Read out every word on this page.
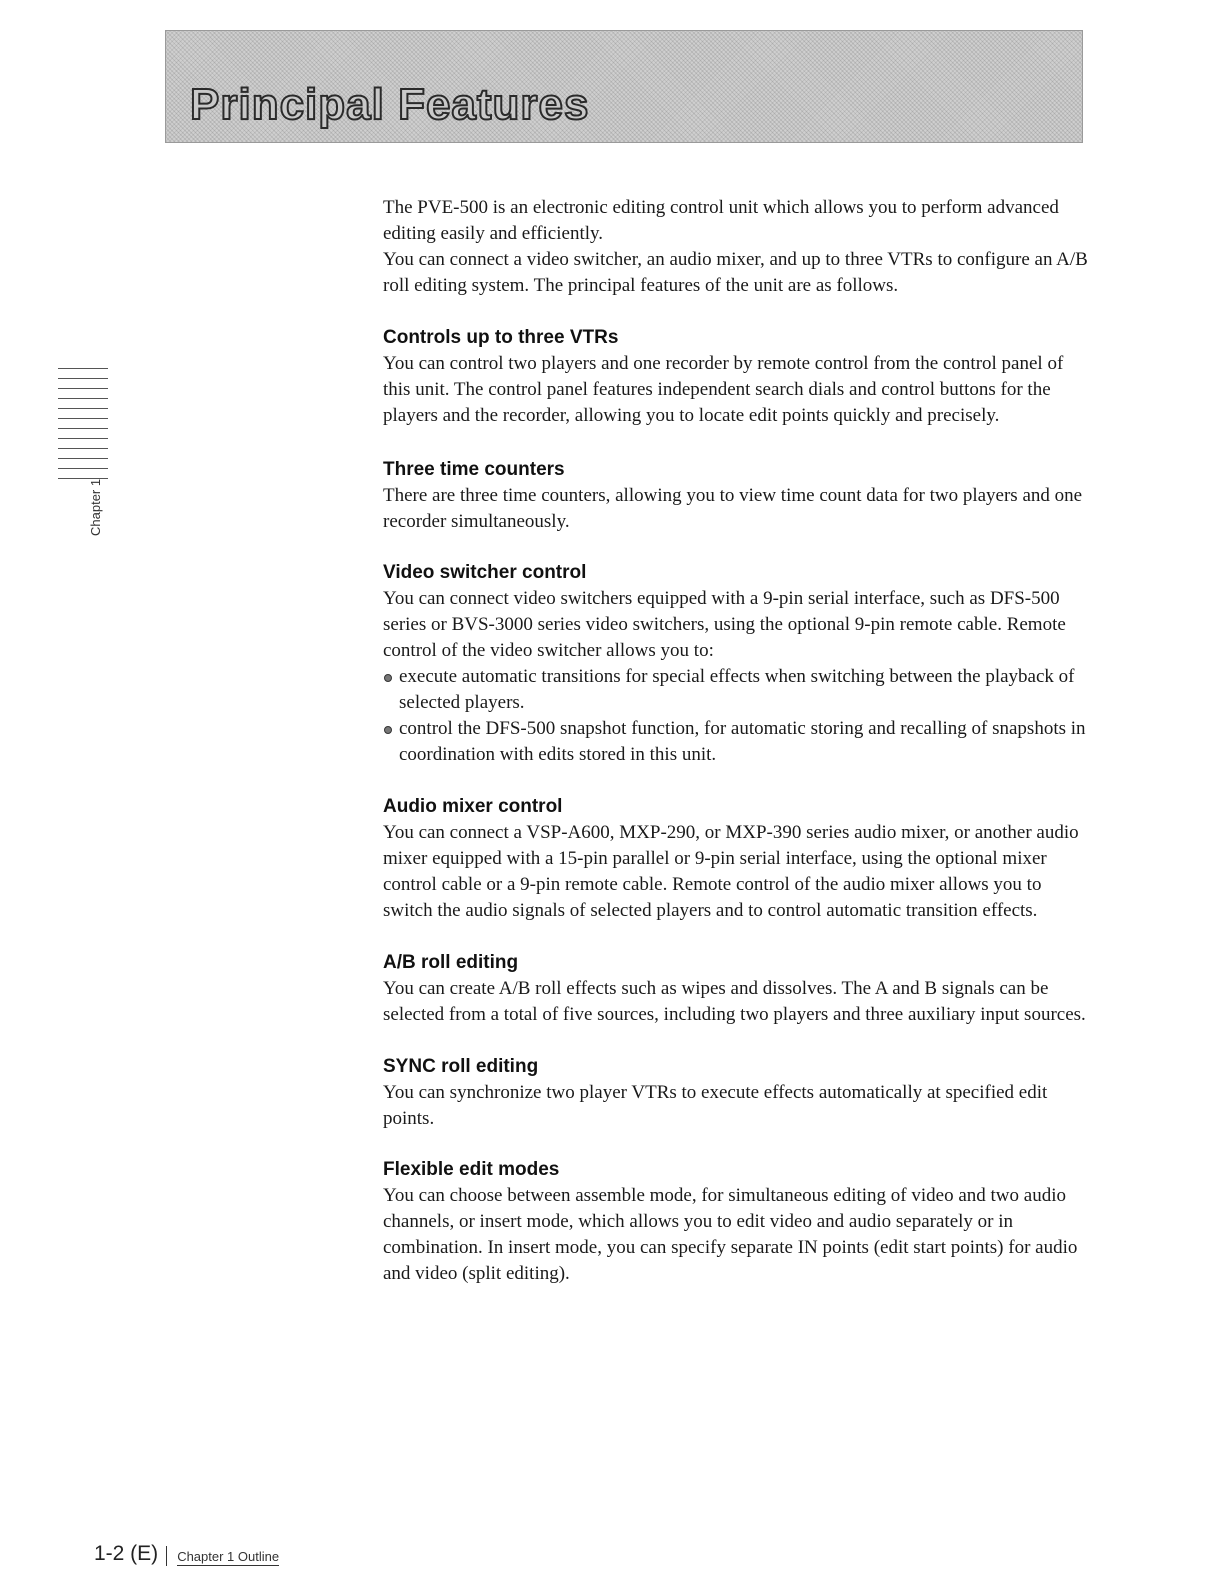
Principal Features
Chapter 1

The PVE-500 is an electronic editing control unit which allows you to perform advanced editing easily and efficiently.

You can connect a video switcher, an audio mixer, and up to three VTRs to configure an A/B roll editing system. The principal features of the unit are as follows.

Controls up to three VTRs

You can control two players and one recorder by remote control from the control panel of this unit. The control panel features independent search dials and control buttons for the players and the recorder, allowing you to locate edit points quickly and precisely.

Three time counters

There are three time counters, allowing you to view time count data for two players and one recorder simultaneously.

Video switcher control

You can connect video switchers equipped with a 9-pin serial interface, such as DFS-500 series or BVS-3000 series video switchers, using the optional 9-pin remote cable. Remote control of the video switcher allows you to:

execute automatic transitions for special effects when switching between the playback of selected players.
control the DFS-500 snapshot function, for automatic storing and recalling of snapshots in coordination with edits stored in this unit.
Audio mixer control

You can connect a VSP-A600, MXP-290, or MXP-390 series audio mixer, or another audio mixer equipped with a 15-pin parallel or 9-pin serial interface, using the optional mixer control cable or a 9-pin remote cable. Remote control of the audio mixer allows you to switch the audio signals of selected players and to control automatic transition effects.

A/B roll editing

You can create A/B roll effects such as wipes and dissolves. The A and B signals can be selected from a total of five sources, including two players and three auxiliary input sources.

SYNC roll editing

You can synchronize two player VTRs to execute effects automatically at specified edit points.

Flexible edit modes

You can choose between assemble mode, for simultaneous editing of video and two audio channels, or insert mode, which allows you to edit video and audio separately or in combination. In insert mode, you can specify separate IN points (edit start points) for audio and video (split editing).

1-2 (E) Chapter 1 Outline
